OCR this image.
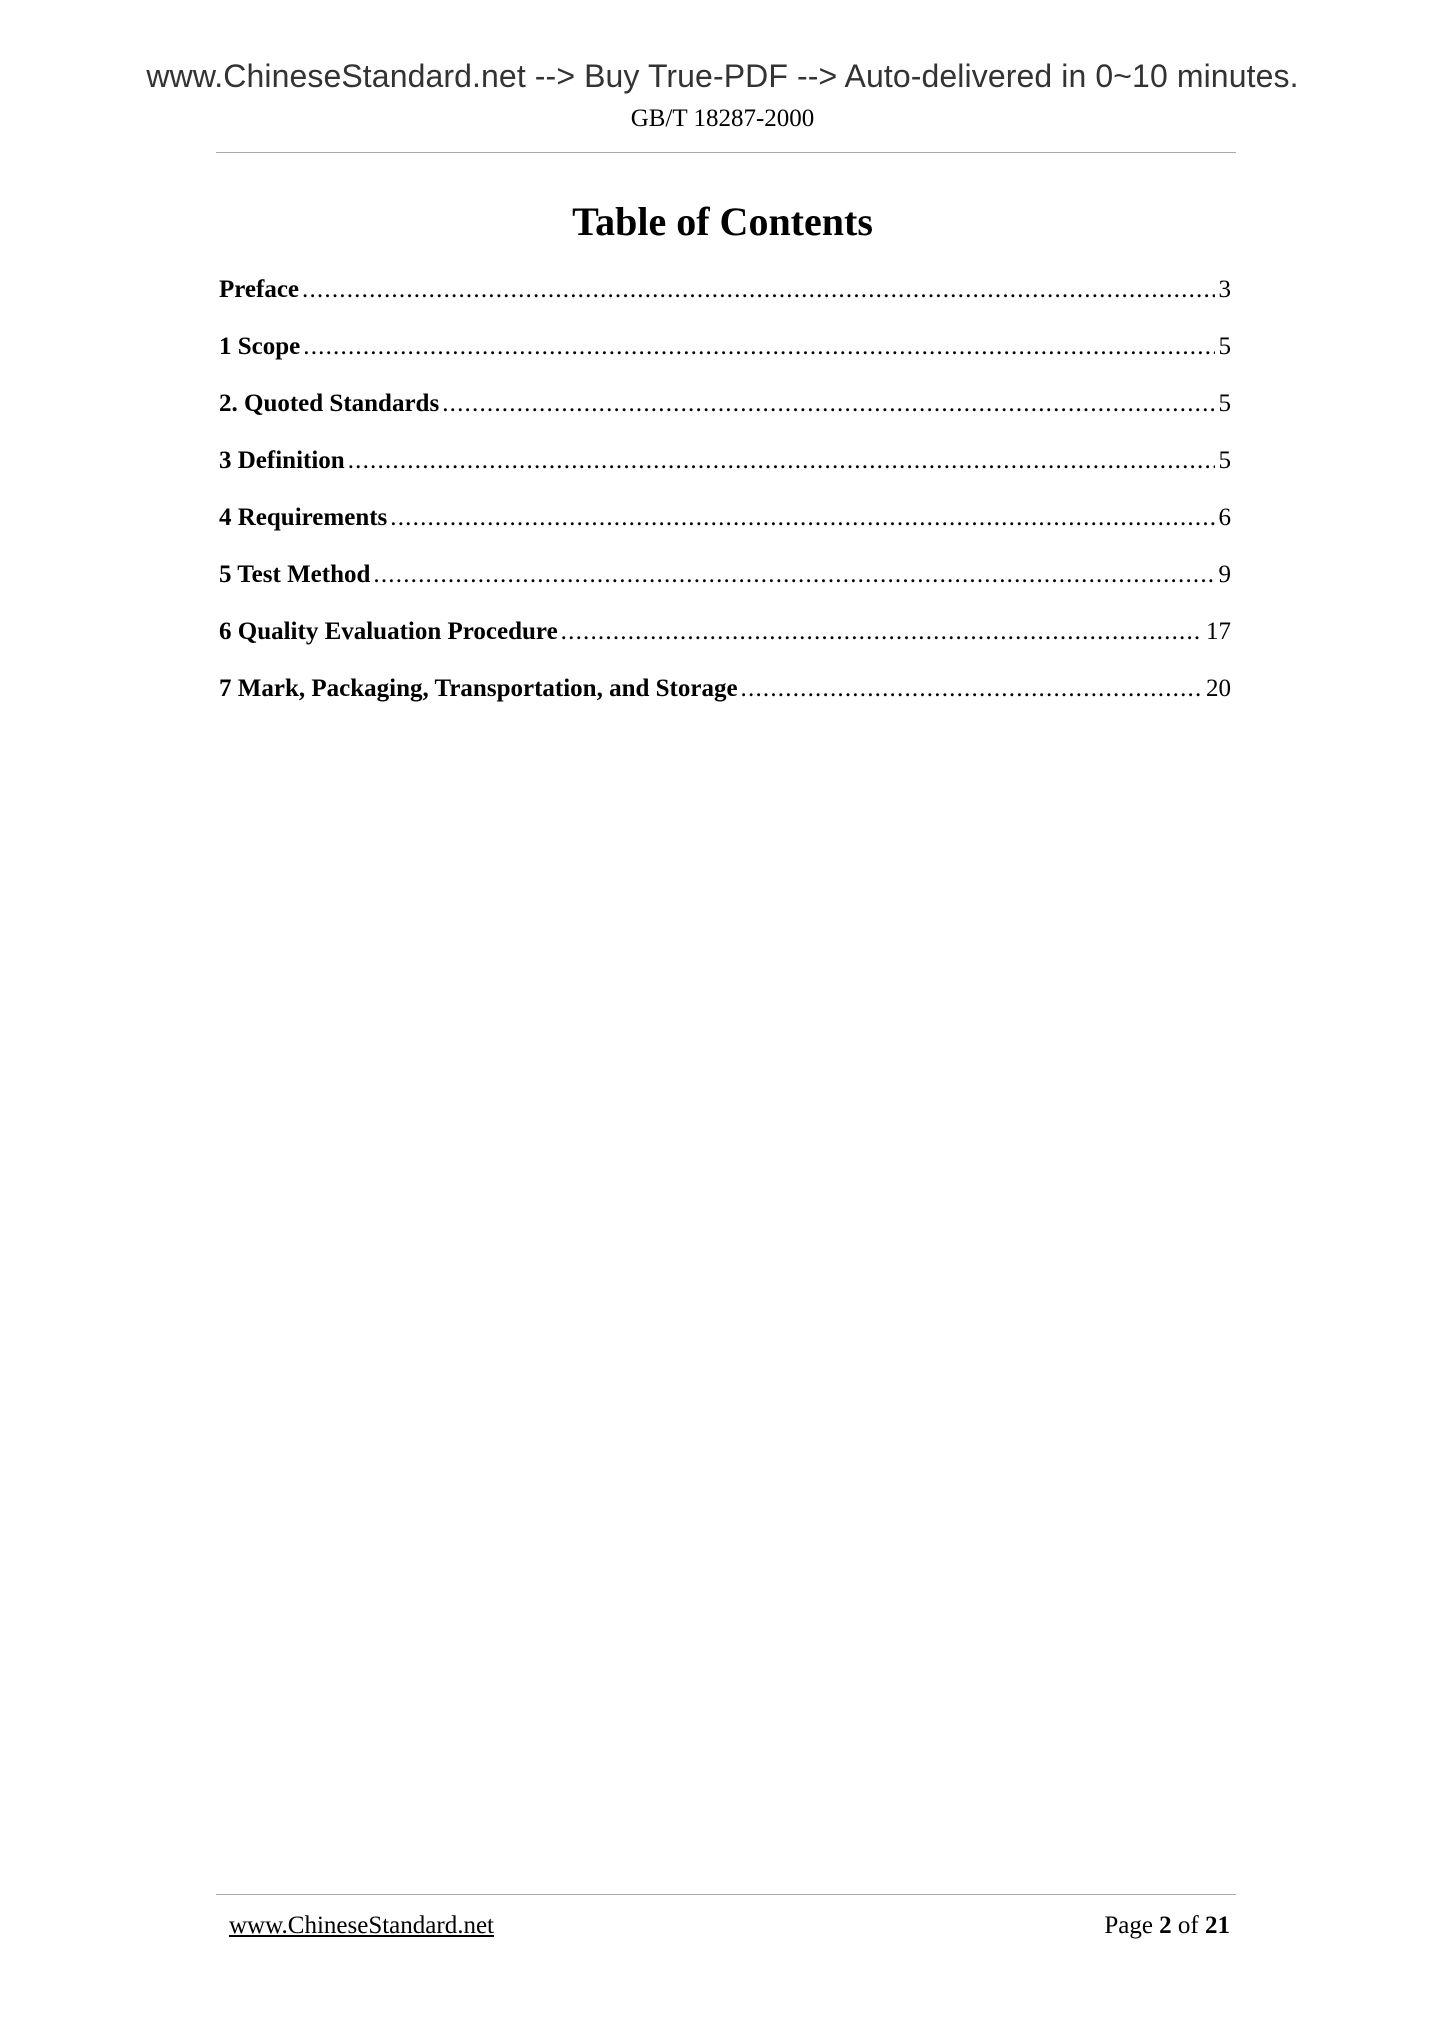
www.ChineseStandard.net --> Buy True-PDF --> Auto-delivered in 0~10 minutes.
GB/T 18287-2000
Table of Contents
Preface .....	3
1 Scope .....	5
2. Quoted Standards .....	5
3 Definition .....	5
4 Requirements .....	6
5 Test Method .....	9
6 Quality Evaluation Procedure .....	17
7 Mark, Packaging, Transportation, and Storage .....	20
www.ChineseStandard.net	Page 2 of 21
